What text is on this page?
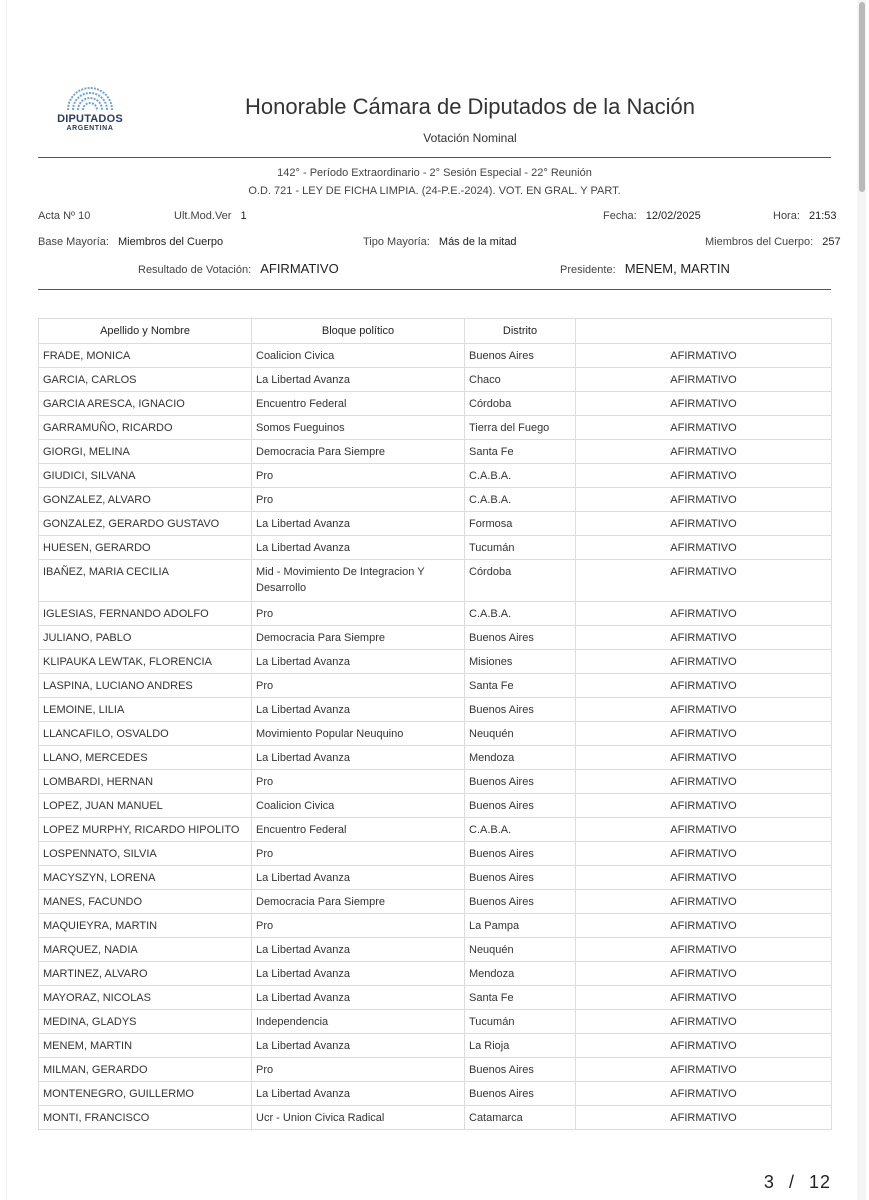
DIPUTADOS
ARGENTINA
Honorable Cámara de Diputados de la Nación
Votación Nominal
142° - Período Extraordinario - 2° Sesión Especial - 22° Reunión
O.D. 721 - LEY DE FICHA LIMPIA. (24-P.E.-2024). VOT. EN GRAL. Y PART.
Acta Nº 10	Ult.Mod.Ver 1	Fecha: 12/02/2025	Hora: 21:53
Base Mayoría: Miembros del Cuerpo	Tipo Mayoría: Más de la mitad	Miembros del Cuerpo: 257
Resultado de Votación: AFIRMATIVO	Presidente: MENEM, MARTIN
Apellido y Nombre	Bloque político	Distrito	
FRADE, MONICA	Coalicion Civica	Buenos Aires	AFIRMATIVO
GARCIA, CARLOS	La Libertad Avanza	Chaco	AFIRMATIVO
GARCIA ARESCA, IGNACIO	Encuentro Federal	Córdoba	AFIRMATIVO
GARRAMUÑO, RICARDO	Somos Fueguinos	Tierra del Fuego	AFIRMATIVO
GIORGI, MELINA	Democracia Para Siempre	Santa Fe	AFIRMATIVO
GIUDICI, SILVANA	Pro	C.A.B.A.	AFIRMATIVO
GONZALEZ, ALVARO	Pro	C.A.B.A.	AFIRMATIVO
GONZALEZ, GERARDO GUSTAVO	La Libertad Avanza	Formosa	AFIRMATIVO
HUESEN, GERARDO	La Libertad Avanza	Tucumán	AFIRMATIVO
IBAÑEZ, MARIA CECILIA	Mid - Movimiento De Integracion Y Desarrollo	Córdoba	AFIRMATIVO
IGLESIAS, FERNANDO ADOLFO	Pro	C.A.B.A.	AFIRMATIVO
JULIANO, PABLO	Democracia Para Siempre	Buenos Aires	AFIRMATIVO
KLIPAUKA LEWTAK, FLORENCIA	La Libertad Avanza	Misiones	AFIRMATIVO
LASPINA, LUCIANO ANDRES	Pro	Santa Fe	AFIRMATIVO
LEMOINE, LILIA	La Libertad Avanza	Buenos Aires	AFIRMATIVO
LLANCAFILO, OSVALDO	Movimiento Popular Neuquino	Neuquén	AFIRMATIVO
LLANO, MERCEDES	La Libertad Avanza	Mendoza	AFIRMATIVO
LOMBARDI, HERNAN	Pro	Buenos Aires	AFIRMATIVO
LOPEZ, JUAN MANUEL	Coalicion Civica	Buenos Aires	AFIRMATIVO
LOPEZ MURPHY, RICARDO HIPOLITO	Encuentro Federal	C.A.B.A.	AFIRMATIVO
LOSPENNATO, SILVIA	Pro	Buenos Aires	AFIRMATIVO
MACYSZYN, LORENA	La Libertad Avanza	Buenos Aires	AFIRMATIVO
MANES, FACUNDO	Democracia Para Siempre	Buenos Aires	AFIRMATIVO
MAQUIEYRA, MARTIN	Pro	La Pampa	AFIRMATIVO
MARQUEZ, NADIA	La Libertad Avanza	Neuquén	AFIRMATIVO
MARTINEZ, ALVARO	La Libertad Avanza	Mendoza	AFIRMATIVO
MAYORAZ, NICOLAS	La Libertad Avanza	Santa Fe	AFIRMATIVO
MEDINA, GLADYS	Independencia	Tucumán	AFIRMATIVO
MENEM, MARTIN	La Libertad Avanza	La Rioja	AFIRMATIVO
MILMAN, GERARDO	Pro	Buenos Aires	AFIRMATIVO
MONTENEGRO, GUILLERMO	La Libertad Avanza	Buenos Aires	AFIRMATIVO
MONTI, FRANCISCO	Ucr - Union Civica Radical	Catamarca	AFIRMATIVO
3 / 12
